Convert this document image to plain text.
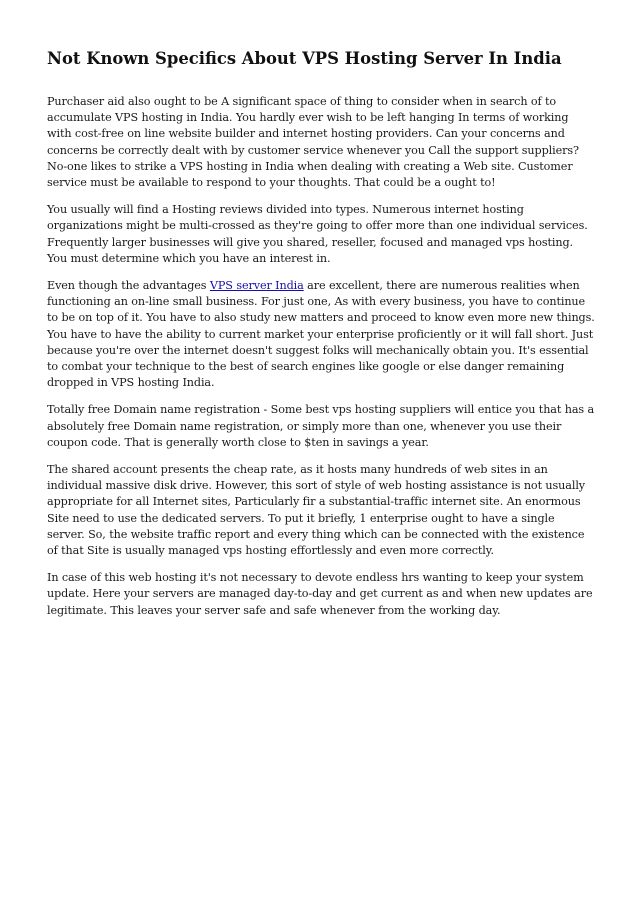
Not Known Specifics About VPS Hosting Server In India

Purchaser aid also ought to be A significant space of thing to consider when in search of to accumulate VPS hosting in India. You hardly ever wish to be left hanging In terms of working with cost-free on line website builder and internet hosting providers. Can your concerns and concerns be correctly dealt with by customer service whenever you Call the support suppliers? No-one likes to strike a VPS hosting in India when dealing with creating a Web site. Customer service must be available to respond to your thoughts. That could be a ought to!

You usually will find a Hosting reviews divided into types. Numerous internet hosting organizations might be multi-crossed as they're going to offer more than one individual services. Frequently larger businesses will give you shared, reseller, focused and managed vps hosting. You must determine which you have an interest in.

Even though the advantages VPS server India are excellent, there are numerous realities when functioning an on-line small business. For just one, As with every business, you have to continue to be on top of it. You have to also study new matters and proceed to know even more new things. You have to have the ability to current market your enterprise proficiently or it will fall short. Just because you're over the internet doesn't suggest folks will mechanically obtain you. It's essential to combat your technique to the best of search engines like google or else danger remaining dropped in VPS hosting India.

Totally free Domain name registration - Some best vps hosting suppliers will entice you that has a absolutely free Domain name registration, or simply more than one, whenever you use their coupon code. That is generally worth close to $ten in savings a year.

The shared account presents the cheap rate, as it hosts many hundreds of web sites in an individual massive disk drive. However, this sort of style of web hosting assistance is not usually appropriate for all Internet sites, Particularly fir a substantial-traffic internet site. An enormous Site need to use the dedicated servers. To put it briefly, 1 enterprise ought to have a single server. So, the website traffic report and every thing which can be connected with the existence of that Site is usually managed vps hosting effortlessly and even more correctly.

In case of this web hosting it's not necessary to devote endless hrs wanting to keep your system update. Here your servers are managed day-to-day and get current as and when new updates are legitimate. This leaves your server safe and safe whenever from the working day.
